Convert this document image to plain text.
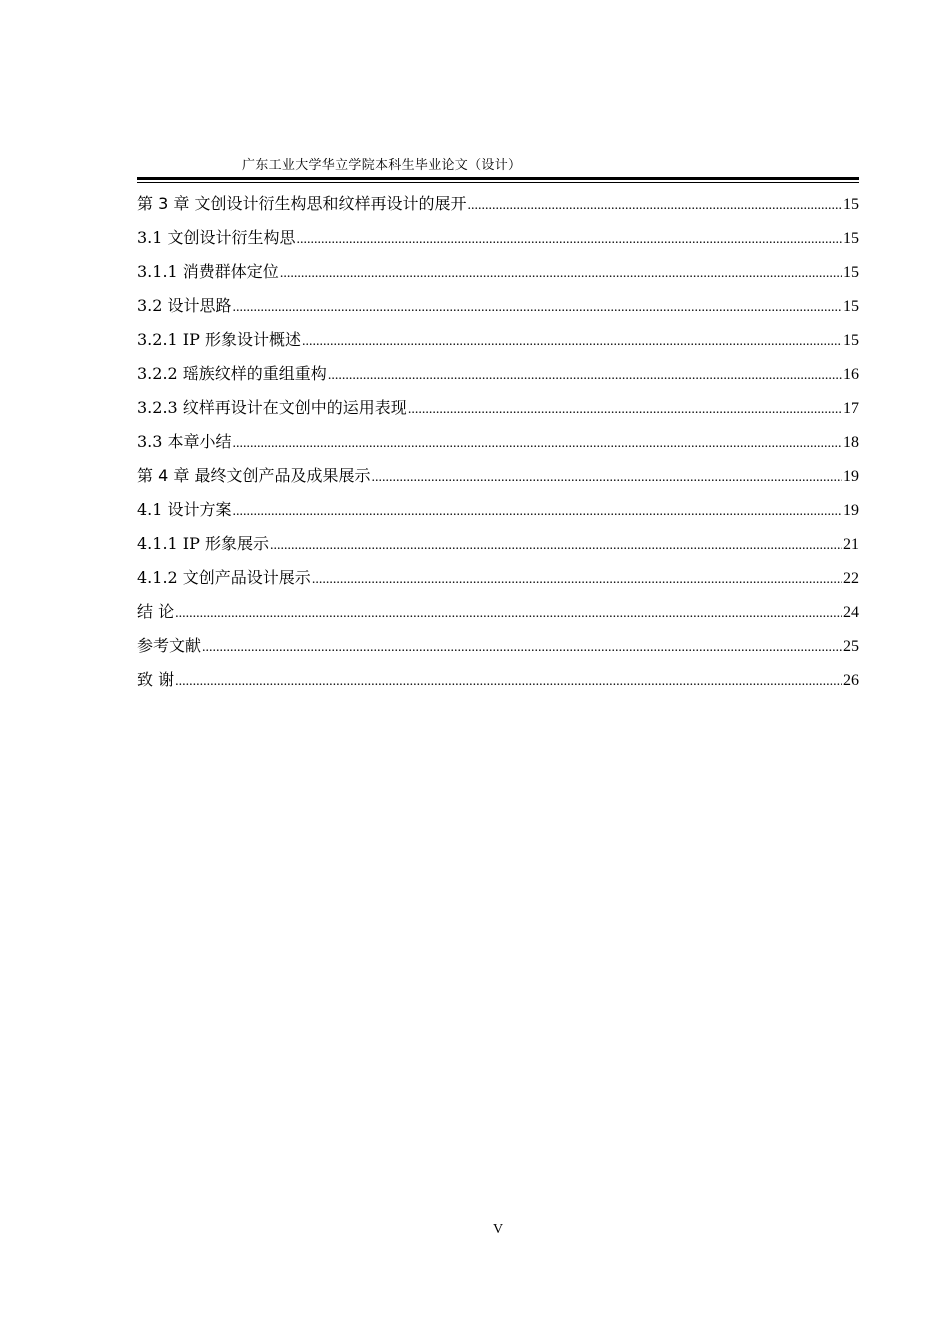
广东工业大学华立学院本科生毕业论文（设计）
第 3 章 文创设计衍生构思和纹样再设计的展开 .....	15
3.1 文创设计衍生构思 .....	15
3.1.1 消费群体定位 .....	15
3.2 设计思路 .....	15
3.2.1 IP 形象设计概述 .....	15
3.2.2 瑶族纹样的重组重构 .....	16
3.2.3 纹样再设计在文创中的运用表现 .....	17
3.3 本章小结 .....	18
第 4 章 最终文创产品及成果展示 .....	19
4.1 设计方案 .....	19
4.1.1 IP 形象展示 .....	21
4.1.2 文创产品设计展示 .....	22
结 论 .....	24
参考文献 .....	25
致 谢 .....	26
V
